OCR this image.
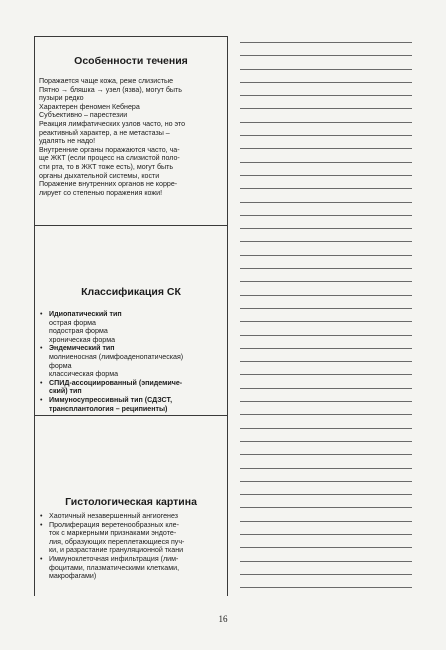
Особенности течения

Поражается чаще кожа, реже слизистые
Пятно → бляшка → узел (язва), могут быть
пузыри редко
Характерен феномен Кебнера
Субъективно – парестезии
Реакция лимфатических узлов часто, но это
реактивный характер, а не метастазы –
удалять не надо!
Внутренние органы поражаются часто, ча-
ще ЖКТ (если процесс на слизистой поло-
сти рта, то в ЖКТ тоже есть), могут быть
органы дыхательной системы, кости
Поражение внутренних органов не корре-
лирует со степенью поражения кожи!

Классификация СК

• Идиопатический тип
острая форма
подострая форма
хроническая форма
• Эндемический тип
молниеносная (лимфоаденопатическая)
форма
классическая форма
• СПИД-ассоциированный (эпидемиче-
ский) тип
• Иммуносупрессивный тип (СДЗСТ,
трансплантология – реципиенты)

Гистологическая картина

• Хаотичный незавершенный ангиогенез
• Пролиферация веретенообразных кле-
ток с маркерными признаками эндоте-
лия, образующих переплетающиеся пуч-
ки, и разрастание грануляционной ткани
• Иммуноклеточная инфильтрация (лим-
фоцитами, плазматическими клетками,
макрофагами)
16
